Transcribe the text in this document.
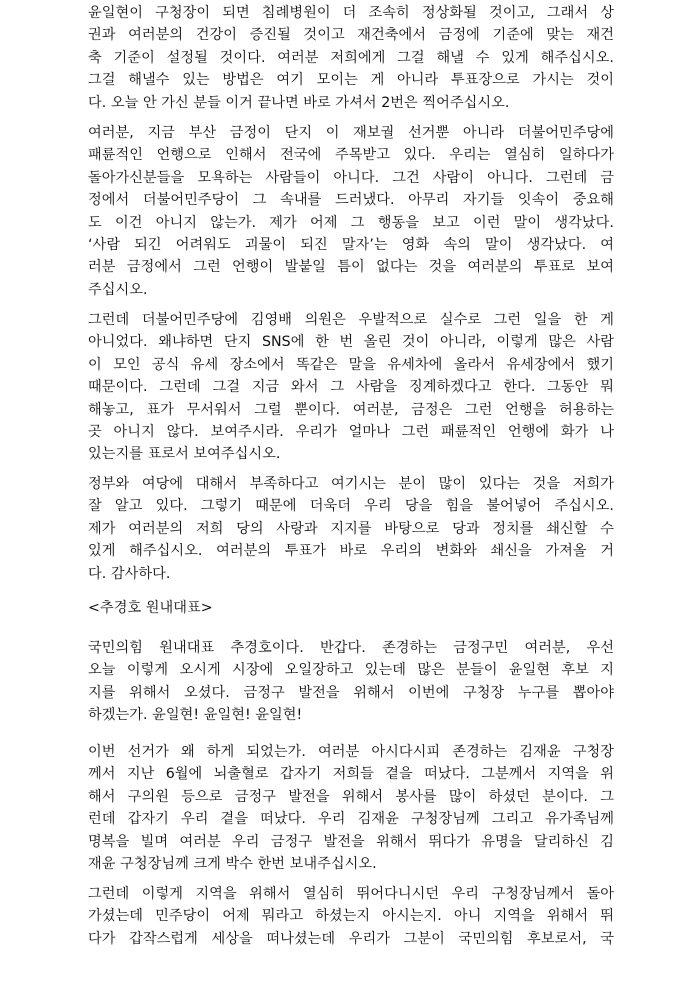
윤일현이 구청장이 되면 침례병원이 더 조속히 정상화될 것이고, 그래서 상
권과 여러분의 건강이 증진될 것이고 재건축에서 금정에 기준에 맞는 재건
축 기준이 설정될 것이다. 여러분 저희에게 그걸 해낼 수 있게 해주십시오.
그걸 해낼수 있는 방법은 여기 모이는 게 아니라 투표장으로 가시는 것이
다. 오늘 안 가신 분들 이거 끝나면 바로 가셔서 2번은 찍어주십시오.

여러분, 지금 부산 금정이 단지 이 재보궐 선거뿐 아니라 더불어민주당에
패륜적인 언행으로 인해서 전국에 주목받고 있다. 우리는 열심히 일하다가
돌아가신분들을 모욕하는 사람들이 아니다. 그건 사람이 아니다. 그런데 금
정에서 더불어민주당이 그 속내를 드러냈다. 아무리 자기들 잇속이 중요해
도 이건 아니지 않는가. 제가 어제 그 행동을 보고 이런 말이 생각났다.
‘사람 되긴 어려워도 괴물이 되진 말자’는 영화 속의 말이 생각났다. 여
러분 금정에서 그런 언행이 발붙일 틈이 없다는 것을 여러분의 투표로 보여
주십시오.

그런데 더불어민주당에 김영배 의원은 우발적으로 실수로 그런 일을 한 게
아니었다. 왜냐하면 단지 SNS에 한 번 올린 것이 아니라, 이렇게 많은 사람
이 모인 공식 유세 장소에서 똑같은 말을 유세차에 올라서 유세장에서 했기
때문이다. 그런데 그걸 지금 와서 그 사람을 징계하겠다고 한다. 그동안 뭐
해놓고, 표가 무서워서 그럴 뿐이다. 여러분, 금정은 그런 언행을 허용하는
곳 아니지 않다. 보여주시라. 우리가 얼마나 그런 패륜적인 언행에 화가 나
있는지를 표로서 보여주십시오.

정부와 여당에 대해서 부족하다고 여기시는 분이 많이 있다는 것을 저희가
잘 알고 있다. 그렇기 때문에 더욱더 우리 당을 힘을 불어넣어 주십시오.
제가 여러분의 저희 당의 사랑과 지지를 바탕으로 당과 정치를 쇄신할 수
있게 해주십시오. 여러분의 투표가 바로 우리의 변화와 쇄신을 가져올 거
다. 감사하다.

<추경호 원내대표>

국민의힘 원내대표 추경호이다. 반갑다. 존경하는 금정구민 여러분, 우선
오늘 이렇게 오시게 시장에 오일장하고 있는데 많은 분들이 윤일현 후보 지
지를 위해서 오셨다. 금정구 발전을 위해서 이번에 구청장 누구를 뽑아야
하겠는가. 윤일현! 윤일현! 윤일현!

이번 선거가 왜 하게 되었는가. 여러분 아시다시피 존경하는 김재윤 구청장
께서 지난 6월에 뇌출혈로 갑자기 저희들 곁을 떠났다. 그분께서 지역을 위
해서 구의원 등으로 금정구 발전을 위해서 봉사를 많이 하셨던 분이다. 그
런데 갑자기 우리 곁을 떠났다. 우리 김재윤 구청장님께 그리고 유가족님께
명복을 빌며 여러분 우리 금정구 발전을 위해서 뛰다가 유명을 달리하신 김
재윤 구청장님께 크게 박수 한번 보내주십시오.

그런데 이렇게 지역을 위해서 열심히 뛰어다니시던 우리 구청장님께서 돌아
가셨는데 민주당이 어제 뭐라고 하셨는지 아시는지. 아니 지역을 위해서 뛰
다가 갑작스럽게 세상을 떠나셨는데 우리가 그분이 국민의힘 후보로서, 국
